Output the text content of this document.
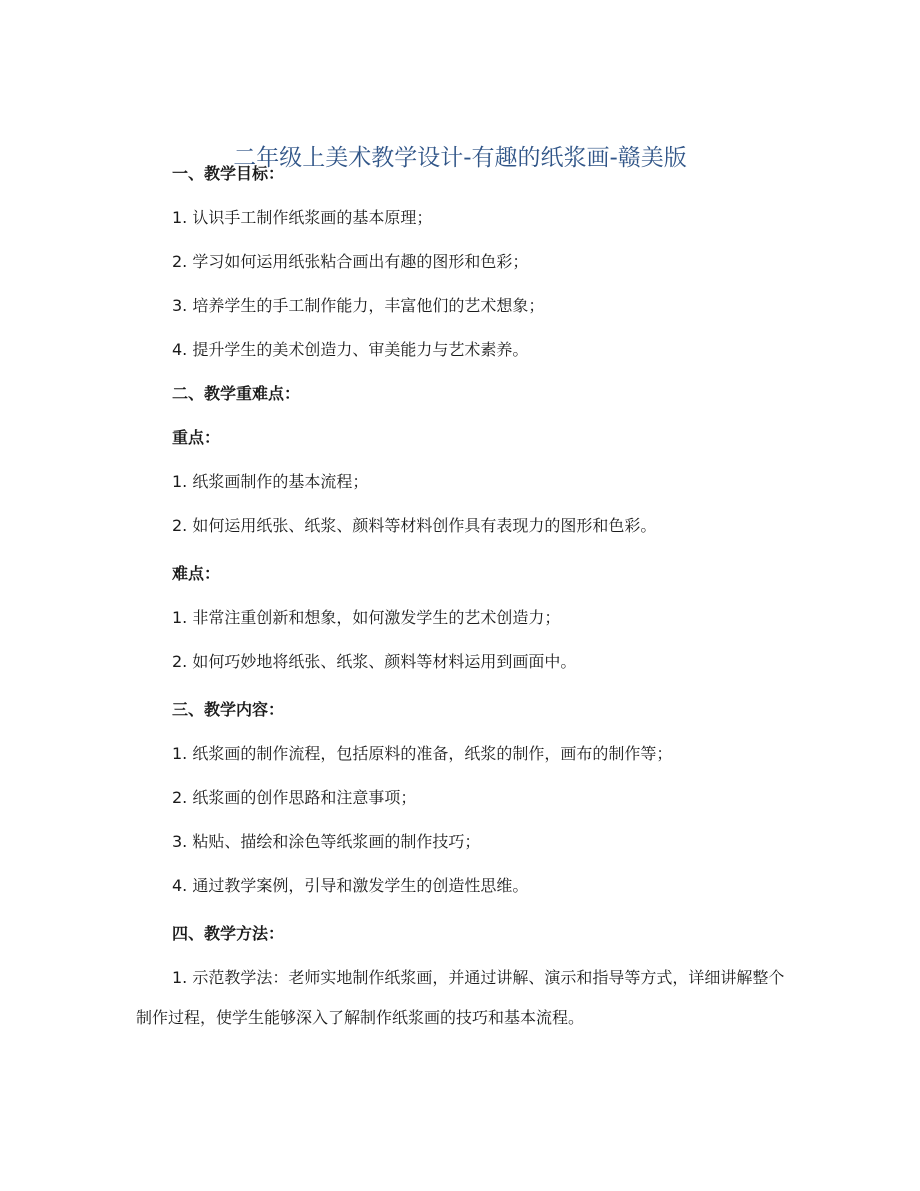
二年级上美术教学设计-有趣的纸浆画-赣美版
一、教学目标：
1. 认识手工制作纸浆画的基本原理；
2. 学习如何运用纸张粘合画出有趣的图形和色彩；
3. 培养学生的手工制作能力，丰富他们的艺术想象；
4. 提升学生的美术创造力、审美能力与艺术素养。
二、教学重难点：
重点：
1. 纸浆画制作的基本流程；
2. 如何运用纸张、纸浆、颜料等材料创作具有表现力的图形和色彩。
难点：
1. 非常注重创新和想象，如何激发学生的艺术创造力；
2. 如何巧妙地将纸张、纸浆、颜料等材料运用到画面中。
三、教学内容：
1. 纸浆画的制作流程，包括原料的准备，纸浆的制作，画布的制作等；
2. 纸浆画的创作思路和注意事项；
3. 粘贴、描绘和涂色等纸浆画的制作技巧；
4. 通过教学案例，引导和激发学生的创造性思维。
四、教学方法：
1. 示范教学法：老师实地制作纸浆画，并通过讲解、演示和指导等方式，详细讲解整个制作过程，使学生能够深入了解制作纸浆画的技巧和基本流程。
